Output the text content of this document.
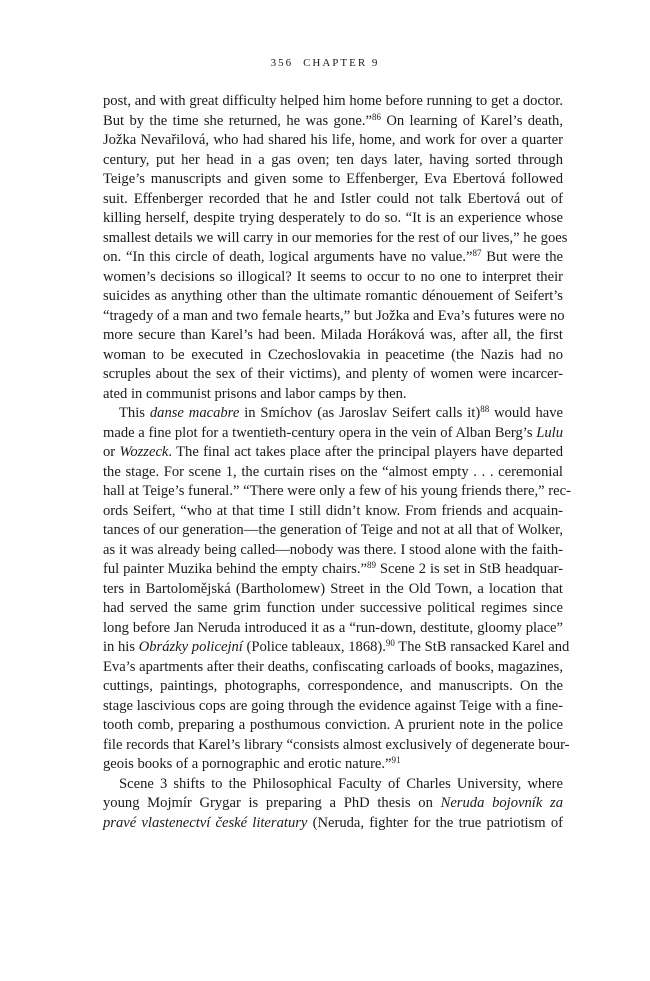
356 CHAPTER 9
post, and with great difficulty helped him home before running to get a doctor.
But by the time she returned, he was gone.”$^{86}$ On learning of Karel’s death,
Jožka Nevařilová, who had shared his life, home, and work for over a quarter
century, put her head in a gas oven; ten days later, having sorted through
Teige’s manuscripts and given some to Effenberger, Eva Ebertová followed
suit. Effenberger recorded that he and Istler could not talk Ebertová out of
killing herself, despite trying desperately to do so. “It is an experience whose
smallest details we will carry in our memories for the rest of our lives,” he goes
on. “In this circle of death, logical arguments have no value.”$^{87}$ But were the
women’s decisions so illogical? It seems to occur to no one to interpret their
suicides as anything other than the ultimate romantic dénouement of Seifert’s
“tragedy of a man and two female hearts,” but Jožka and Eva’s futures were no
more secure than Karel’s had been. Milada Horáková was, after all, the first
woman to be executed in Czechoslovakia in peacetime (the Nazis had no
scruples about the sex of their victims), and plenty of women were incarcer-
ated in communist prisons and labor camps by then.
This danse macabre in Smíchov (as Jaroslav Seifert calls it)$^{88}$ would have
made a fine plot for a twentieth-century opera in the vein of Alban Berg’s Lulu
or Wozzeck. The final act takes place after the principal players have departed
the stage. For scene 1, the curtain rises on the “almost empty . . . ceremonial
hall at Teige’s funeral.” “There were only a few of his young friends there,” rec-
ords Seifert, “who at that time I still didn’t know. From friends and acquain-
tances of our generation—the generation of Teige and not at all that of Wolker,
as it was already being called—nobody was there. I stood alone with the faith-
ful painter Muzika behind the empty chairs.”$^{89}$ Scene 2 is set in StB headquar-
ters in Bartolomějská (Bartholomew) Street in the Old Town, a location that
had served the same grim function under successive political regimes since
long before Jan Neruda introduced it as a “run-down, destitute, gloomy place”
in his Obrázky policejní (Police tableaux, 1868).$^{90}$ The StB ransacked Karel and
Eva’s apartments after their deaths, confiscating carloads of books, magazines,
cuttings, paintings, photographs, correspondence, and manuscripts. On the
stage lascivious cops are going through the evidence against Teige with a fine-
tooth comb, preparing a posthumous conviction. A prurient note in the police
file records that Karel’s library “consists almost exclusively of degenerate bour-
geois books of a pornographic and erotic nature.”$^{91}$
Scene 3 shifts to the Philosophical Faculty of Charles University, where
young Mojmír Grygar is preparing a PhD thesis on Neruda bojovník za
pravé vlastenectví české literatury (Neruda, fighter for the true patriotism of
